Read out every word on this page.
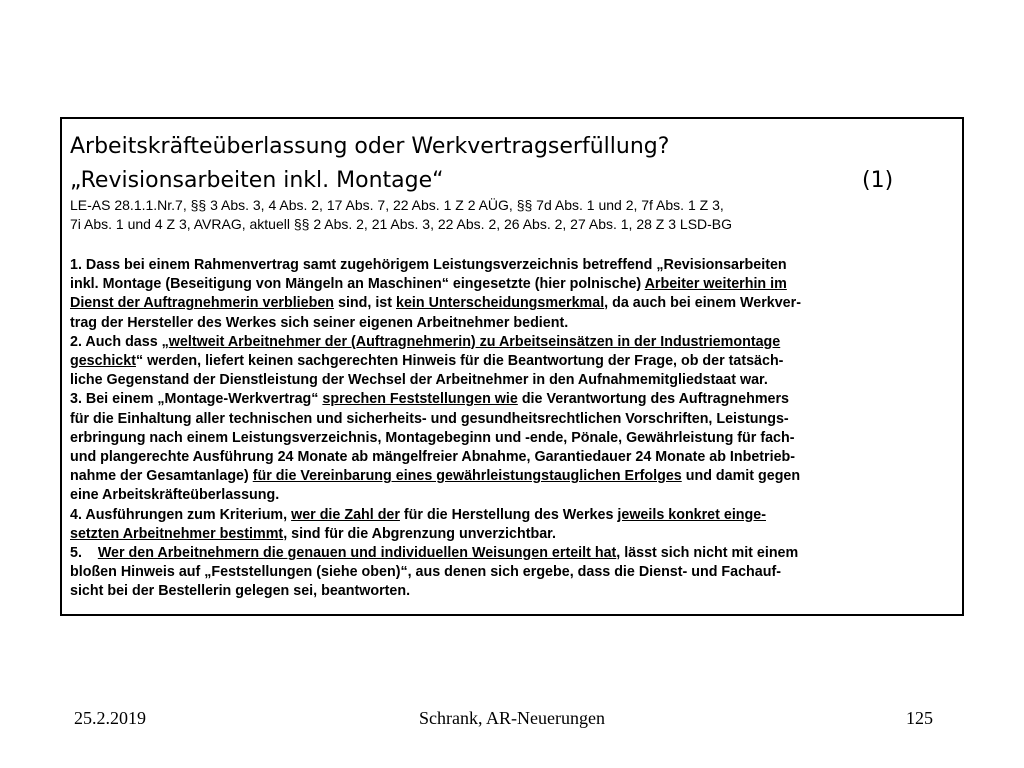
Arbeitskräfteüberlassung oder Werkvertragserfüllung?
„Revisionsarbeiten inkl. Montage“	(1)
LE-AS 28.1.1.Nr.7, §§ 3 Abs. 3, 4 Abs. 2, 17 Abs. 7, 22 Abs. 1 Z 2 AÜG, §§ 7d Abs. 1 und 2, 7f Abs. 1 Z 3,
7i Abs. 1 und 4 Z 3, AVRAG, aktuell §§ 2 Abs. 2, 21 Abs. 3, 22 Abs. 2, 26 Abs. 2, 27 Abs. 1, 28 Z 3 LSD-BG
1. Dass bei einem Rahmenvertrag samt zugehörigem Leistungsverzeichnis betreffend „Revisionsarbeiten
inkl. Montage (Beseitigung von Mängeln an Maschinen“ eingesetzte (hier polnische) Arbeiter weiterhin im
Dienst der Auftragnehmerin verblieben sind, ist kein Unterscheidungsmerkmal, da auch bei einem Werkver-
trag der Hersteller des Werkes sich seiner eigenen Arbeitnehmer bedient.
2. Auch dass „weltweit Arbeitnehmer der (Auftragnehmerin) zu Arbeitseinsätzen in der Industriemontage
geschickt“ werden, liefert keinen sachgerechten Hinweis für die Beantwortung der Frage, ob der tatsäch-
liche Gegenstand der Dienstleistung der Wechsel der Arbeitnehmer in den Aufnahmemitgliedstaat war.
3. Bei einem „Montage-Werkvertrag“ sprechen Feststellungen wie die Verantwortung des Auftragnehmers
für die Einhaltung aller technischen und sicherheits- und gesundheitsrechtlichen Vorschriften, Leistungs-
erbringung nach einem Leistungsverzeichnis, Montagebeginn und -ende, Pönale, Gewährleistung für fach-
und plangerechte Ausführung 24 Monate ab mängelfreier Abnahme, Garantiedauer 24 Monate ab Inbetrieb-
nahme der Gesamtanlage) für die Vereinbarung eines gewährleistungstauglichen Erfolges und damit gegen
eine Arbeitskräfteüberlassung.
4. Ausführungen zum Kriterium, wer die Zahl der für die Herstellung des Werkes jeweils konkret einge-
setzten Arbeitnehmer bestimmt, sind für die Abgrenzung unverzichtbar.
5.    Wer den Arbeitnehmern die genauen und individuellen Weisungen erteilt hat, lässt sich nicht mit einem
bloßen Hinweis auf „Feststellungen (siehe oben)“, aus denen sich ergebe, dass die Dienst- und Fachauf-
sicht bei der Bestellerin gelegen sei, beantworten.
25.2.2019	Schrank, AR-Neuerungen	125
